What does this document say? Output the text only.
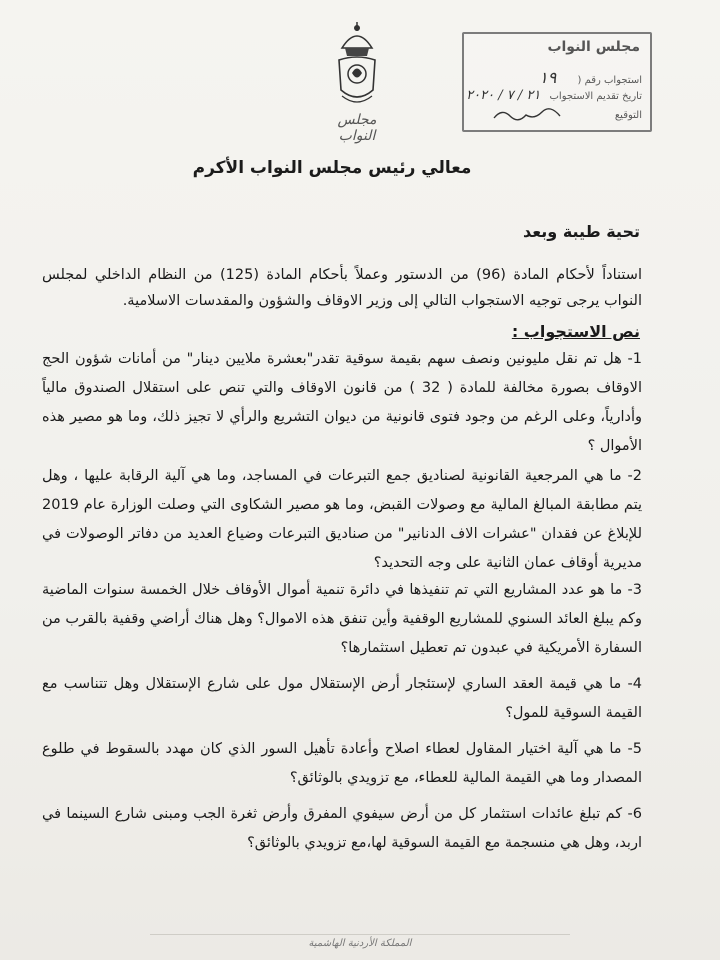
مجلس النواب
مجلس النواب
استجواب رقم ( ١٩
تاريخ تقديم الاستجواب ٢١ / ٧ / ٢٠٢٠
التوقيع
معالي رئيس مجلس النواب الأكرم
تحية طيبة وبعد
استناداً لأحكام المادة (96) من الدستور وعملاً بأحكام المادة (125) من النظام الداخلي لمجلس النواب يرجى توجيه الاستجواب التالي إلى وزير الاوقاف والشؤون والمقدسات الاسلامية.
نص الاستجواب :
1- هل تم نقل مليونين ونصف سهم بقيمة سوقية تقدر"بعشرة ملايين دينار" من أمانات شؤون الحج الاوقاف بصورة مخالفة للمادة ( 32 ) من قانون الاوقاف والتي تنص على استقلال الصندوق مالياً وأدارياً، وعلى الرغم من وجود فتوى قانونية من ديوان التشريع والرأي لا تجيز ذلك، وما هو مصير هذه الأموال ؟
2- ما هي المرجعية القانونية لصناديق جمع التبرعات في المساجد، وما هي آلية الرقابة عليها ، وهل يتم مطابقة المبالغ المالية مع وصولات القبض، وما هو مصير الشكاوى التي وصلت الوزارة عام 2019 للإبلاغ عن فقدان "عشرات الاف الدنانير" من صناديق التبرعات وضياع العديد من دفاتر الوصولات في مديرية أوقاف عمان الثانية على وجه التحديد؟
3- ما هو عدد المشاريع التي تم تنفيذها في دائرة تنمية أموال الأوقاف خلال الخمسة سنوات الماضية وكم يبلغ العائد السنوي للمشاريع الوقفية وأين تنفق هذه الاموال؟ وهل هناك أراضي وقفية بالقرب من السفارة الأمريكية في عبدون تم تعطيل استثمارها؟
4- ما هي قيمة العقد الساري لإستئجار أرض الإستقلال مول على شارع الإستقلال وهل تتناسب مع القيمة السوقية للمول؟
5- ما هي آلية اختيار المقاول لعطاء اصلاح وأعادة تأهيل السور الذي كان مهدد بالسقوط في طلوع المصدار وما هي القيمة المالية للعطاء، مع تزويدي بالوثائق؟
6- كم تبلغ عائدات استثمار كل من أرض سيفوي المفرق وأرض ثغرة الجب ومبنى شارع السينما في اربد، وهل هي منسجمة مع القيمة السوقية لها،مع تزويدي بالوثائق؟
المملكة الأردنية الهاشمية
